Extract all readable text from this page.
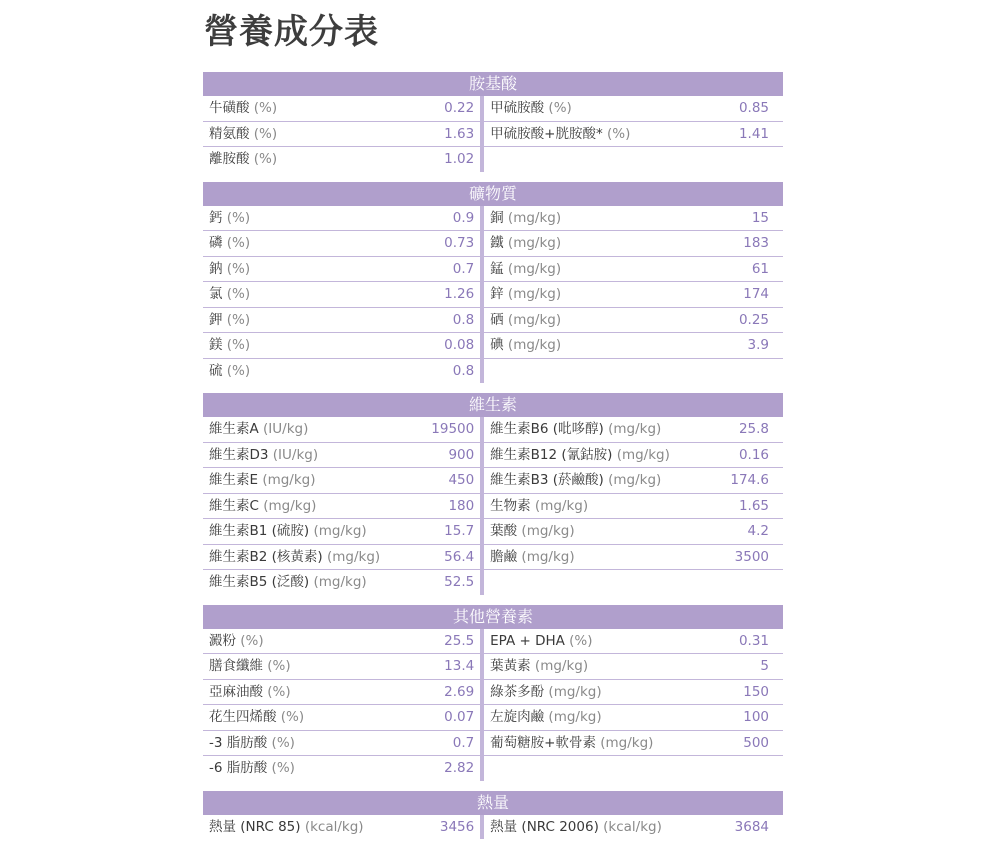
營養成分表
胺基酸
牛磺酸 (%)	0.22	甲硫胺酸 (%)	0.85
精氨酸 (%)	1.63	甲硫胺酸+胱胺酸* (%)	1.41
離胺酸 (%)	1.02
礦物質
鈣 (%)	0.9	銅 (mg/kg)	15
磷 (%)	0.73	鐵 (mg/kg)	183
鈉 (%)	0.7	錳 (mg/kg)	61
氯 (%)	1.26	鋅 (mg/kg)	174
鉀 (%)	0.8	硒 (mg/kg)	0.25
鎂 (%)	0.08	碘 (mg/kg)	3.9
硫 (%)	0.8
維生素
維生素A (IU/kg)	19500	維生素B6 (吡哆醇) (mg/kg)	25.8
維生素D3 (IU/kg)	900	維生素B12 (氰鈷胺) (mg/kg)	0.16
維生素E (mg/kg)	450	維生素B3 (菸鹼酸) (mg/kg)	174.6
維生素C (mg/kg)	180	生物素 (mg/kg)	1.65
維生素B1 (硫胺) (mg/kg)	15.7	葉酸 (mg/kg)	4.2
維生素B2 (核黃素) (mg/kg)	56.4	膽鹼 (mg/kg)	3500
維生素B5 (泛酸) (mg/kg)	52.5
其他營養素
澱粉 (%)	25.5	EPA + DHA (%)	0.31
膳食纖維 (%)	13.4	葉黃素 (mg/kg)	5
亞麻油酸 (%)	2.69	綠茶多酚 (mg/kg)	150
花生四烯酸 (%)	0.07	左旋肉鹼 (mg/kg)	100
-3 脂肪酸 (%)	0.7	葡萄糖胺+軟骨素 (mg/kg)	500
-6 脂肪酸 (%)	2.82
熱量
熱量 (NRC 85) (kcal/kg)	3456	熱量 (NRC 2006) (kcal/kg)	3684
